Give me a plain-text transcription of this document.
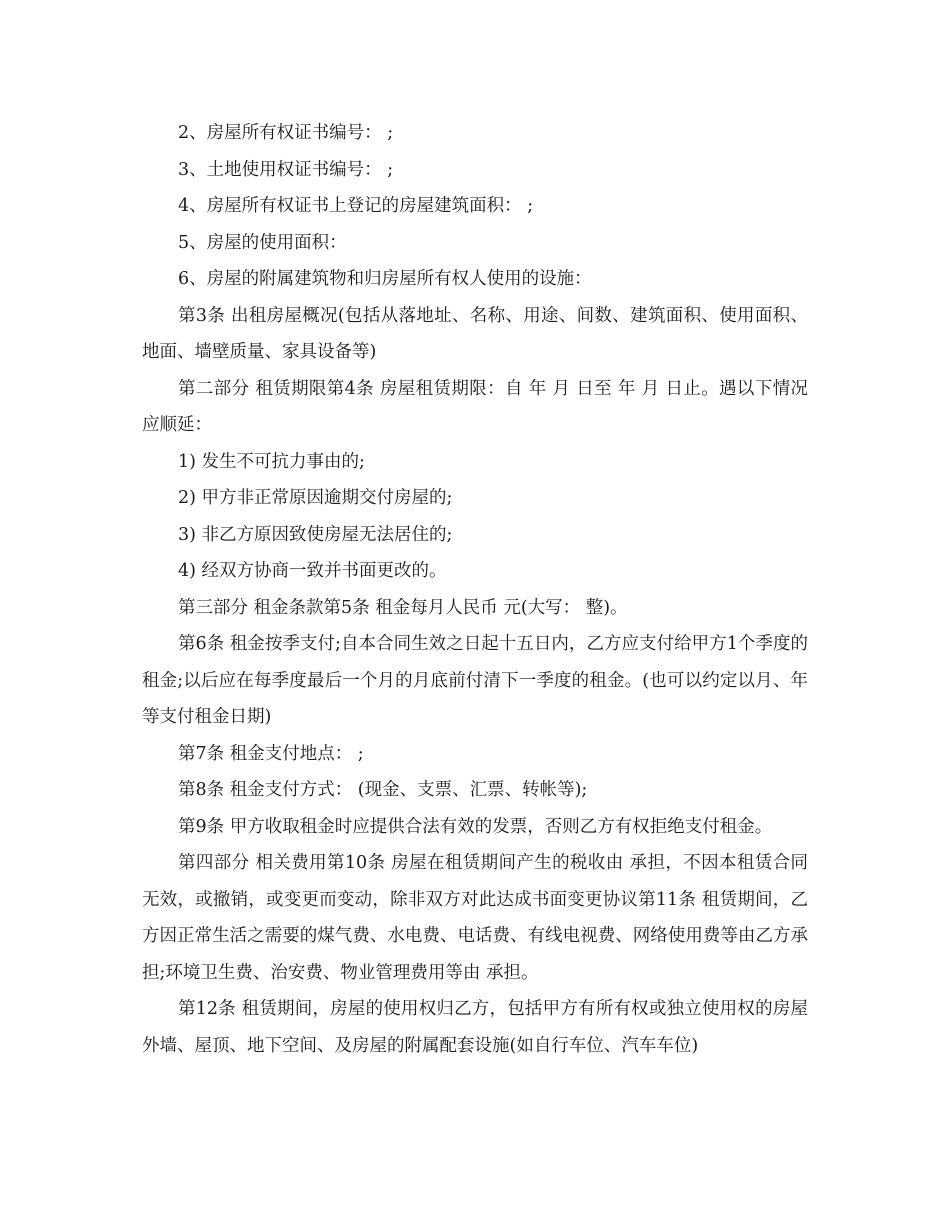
2、房屋所有权证书编号： ;

3、土地使用权证书编号： ;

4、房屋所有权证书上登记的房屋建筑面积： ;

5、房屋的使用面积：

6、房屋的附属建筑物和归房屋所有权人使用的设施：

第3条 出租房屋概况(包括从落地址、名称、用途、间数、建筑面积、使用面积、地面、墙壁质量、家具设备等)

第二部分 租赁期限第4条 房屋租赁期限：自 年 月 日至 年 月 日止。遇以下情况应顺延：

1) 发生不可抗力事由的;

2) 甲方非正常原因逾期交付房屋的;

3) 非乙方原因致使房屋无法居住的;

4) 经双方协商一致并书面更改的。

第三部分 租金条款第5条 租金每月人民币 元(大写： 整)。

第6条 租金按季支付;自本合同生效之日起十五日内，乙方应支付给甲方1个季度的租金;以后应在每季度最后一个月的月底前付清下一季度的租金。(也可以约定以月、年等支付租金日期)

第7条 租金支付地点： ;

第8条 租金支付方式： (现金、支票、汇票、转帐等);

第9条 甲方收取租金时应提供合法有效的发票，否则乙方有权拒绝支付租金。

第四部分 相关费用第10条 房屋在租赁期间产生的税收由 承担，不因本租赁合同无效，或撤销，或变更而变动，除非双方对此达成书面变更协议第11条 租赁期间，乙方因正常生活之需要的煤气费、水电费、电话费、有线电视费、网络使用费等由乙方承担;环境卫生费、治安费、物业管理费用等由 承担。

第12条 租赁期间，房屋的使用权归乙方，包括甲方有所有权或独立使用权的房屋外墙、屋顶、地下空间、及房屋的附属配套设施(如自行车位、汽车车位)
